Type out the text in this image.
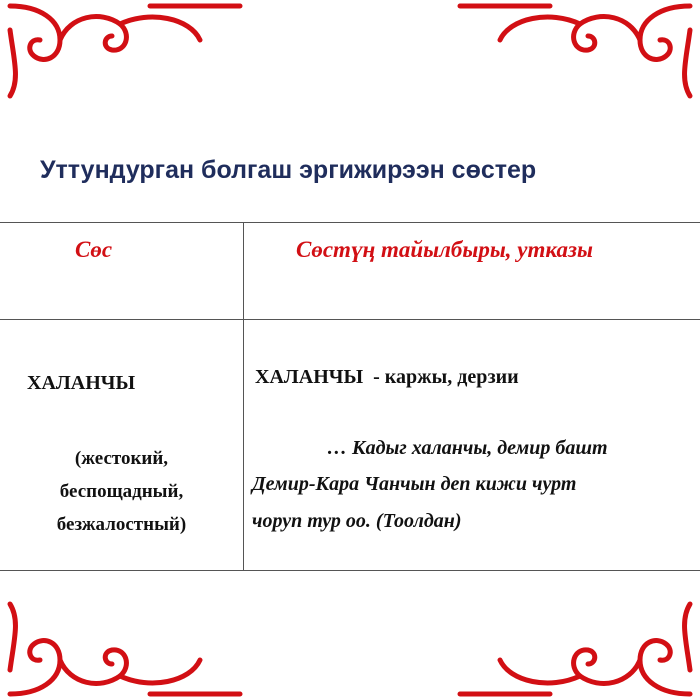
Уттундурган болгаш эргижирээн сөстер
Сөс	Сөстүң тайылбыры, утказы
ХАЛАНЧЫ
(жестокий,
беспощадный,
безжалостный)
ХАЛАНЧЫ - каржы, дерзии
… Кадыг халанчы, демир башт
Демир-Кара Чанчын деп кижи чурт
чоруп тур оо. (Тоолдан)
